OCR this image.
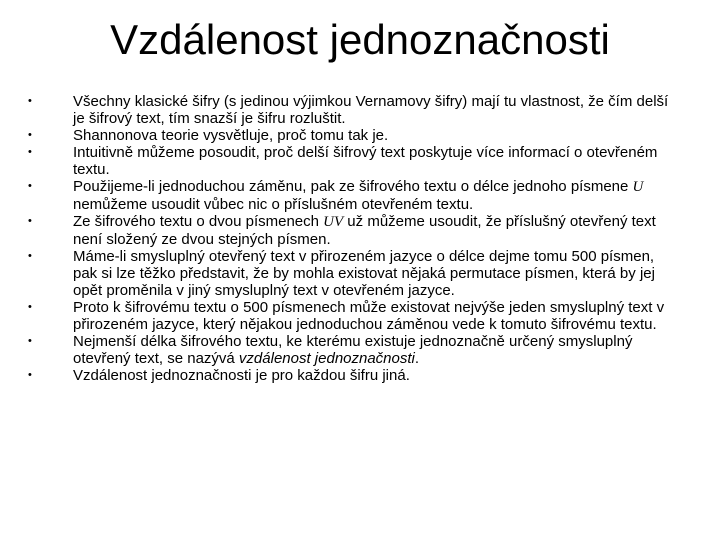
Vzdálenost jednoznačnosti
•	Všechny klasické šifry (s jedinou výjimkou Vernamovy šifry) mají tu vlastnost, že čím delší je šifrový text, tím snazší je šifru rozluštit.
•	Shannonova teorie vysvětluje, proč tomu tak je.
•	Intuitivně můžeme posoudit, proč delší šifrový text poskytuje více informací o otevřeném textu.
•	Použijeme-li jednoduchou záměnu, pak ze šifrového textu o délce jednoho písmene U nemůžeme usoudit vůbec nic o příslušném otevřeném textu.
•	Ze šifrového textu o dvou písmenech UV už můžeme usoudit, že příslušný otevřený text není složený ze dvou stejných písmen.
•	Máme-li smysluplný otevřený text v přirozeném jazyce o délce dejme tomu 500 písmen, pak si lze těžko představit, že by mohla existovat nějaká permutace písmen, která by jej opět proměnila v jiný smysluplný text v otevřeném jazyce.
•	Proto k šifrovému textu o 500 písmenech může existovat nejvýše jeden smysluplný text v přirozeném jazyce, který nějakou jednoduchou záměnou vede k tomuto šifrovému textu.
•	Nejmenší délka šifrového textu, ke kterému existuje jednoznačně určený smysluplný otevřený text, se nazývá vzdálenost jednoznačnosti.
•	Vzdálenost jednoznačnosti je pro každou šifru jiná.
